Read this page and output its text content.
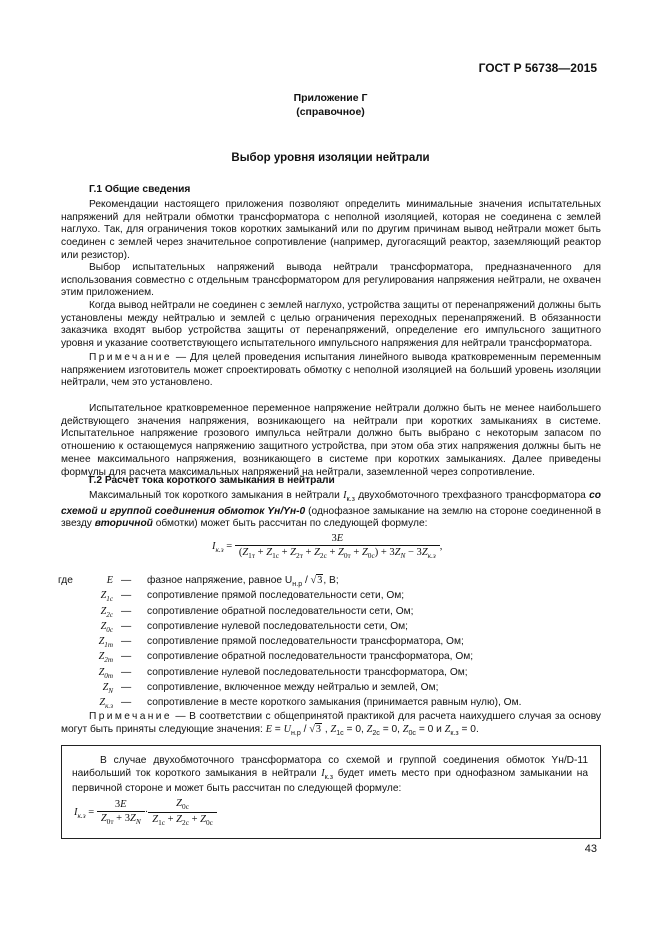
ГОСТ Р 56738—2015
Приложение Г
(справочное)
Выбор уровня изоляции нейтрали
Г.1 Общие сведения

Рекомендации настоящего приложения позволяют определить минимальные значения испытательных напряжений для нейтрали обмотки трансформатора с неполной изоляцией, которая не соединена с землей наглухо. Так, для ограничения токов коротких замыканий или по другим причинам вывод нейтрали может быть соединен с землей через значительное сопротивление (например, дугогасящий реактор, заземляющий реактор или резистор).

Выбор испытательных напряжений вывода нейтрали трансформатора, предназначенного для использования совместно с отдельным трансформатором для регулирования напряжения нейтрали, не охвачен этим приложением.

Когда вывод нейтрали не соединен с землей наглухо, устройства защиты от перенапряжений должны быть установлены между нейтралью и землей с целью ограничения переходных перенапряжений. В обязанности заказчика входят выбор устройства защиты от перенапряжений, определение его импульсного защитного уровня и указание соответствующего испытательного импульсного напряжения для нейтрали трансформатора.

Примечание — Для целей проведения испытания линейного вывода кратковременным переменным напряжением изготовитель может спроектировать обмотку с неполной изоляцией на больший уровень изоляции нейтрали, чем это установлено.

Испытательное кратковременное переменное напряжение нейтрали должно быть не менее наибольшего действующего значения напряжения, возникающего на нейтрали при коротких замыканиях в системе. Испытательное напряжение грозового импульса нейтрали должно быть выбрано с некоторым запасом по отношению к остающемуся напряжению защитного устройства, при этом оба этих напряжения должны быть не менее максимального напряжения, возникающего в системе при коротких замыканиях. Далее приведены формулы для расчета максимальных напряжений на нейтрали, заземленной через сопротивление.

Г.2 Расчет тока короткого замыкания в нейтрали

Максимальный ток короткого замыкания в нейтрали $I_{к.з}$ двухобмоточного трехфазного трансформатора со схемой и группой соединения обмоток Yн/Yн-0 (однофазное замыкание на землю на стороне соединенной в звезду вторичной обмотки) может быть рассчитан по следующей формуле:

$I_{к.з} = \frac{3E}{(Z_{1т} + Z_{1с} + Z_{2т} + Z_{2с} + Z_{0т} + Z_{0с}) + 3Z_N - 3Z_{к.з}}$ ,
где	E — фазное напряжение, равное $U_{н.р} / √3$, В;
$Z_{1c}$ — сопротивление прямой последовательности сети, Ом;
$Z_{2c}$ — сопротивление обратной последовательности сети, Ом;
$Z_{0c}$ — сопротивление нулевой последовательности сети, Ом;
$Z_{1т}$ — сопротивление прямой последовательности трансформатора, Ом;
$Z_{2т}$ — сопротивление обратной последовательности трансформатора, Ом;
$Z_{0т}$ — сопротивление нулевой последовательности трансформатора, Ом;
$Z_N$ — сопротивление, включенное между нейтралью и землей, Ом;
$Z_{к.з}$ — сопротивление в месте короткого замыкания (принимается равным нулю), Ом.

Примечание — В соответствии с общепринятой практикой для расчета наихудшего случая за основу могут быть приняты следующие значения: $E = U_{н.р} / √3$ , $Z_{1с} = 0$, $Z_{2с} = 0$, $Z_{0с} = 0$ и $Z_{к.з} = 0$.

В случае двухобмоточного трансформатора со схемой и группой соединения обмоток Yн/D-11 наибольший ток короткого замыкания в нейтрали $I_{к.з}$ будет иметь место при однофазном замыкании на первичной стороне и может быть рассчитан по следующей формуле:

$I_{к.з} = \frac{3E}{Z_{0т} + 3Z_N} \cdot \frac{Z_{0с}}{Z_{1с} + Z_{2с} + Z_{0с}}$
43
